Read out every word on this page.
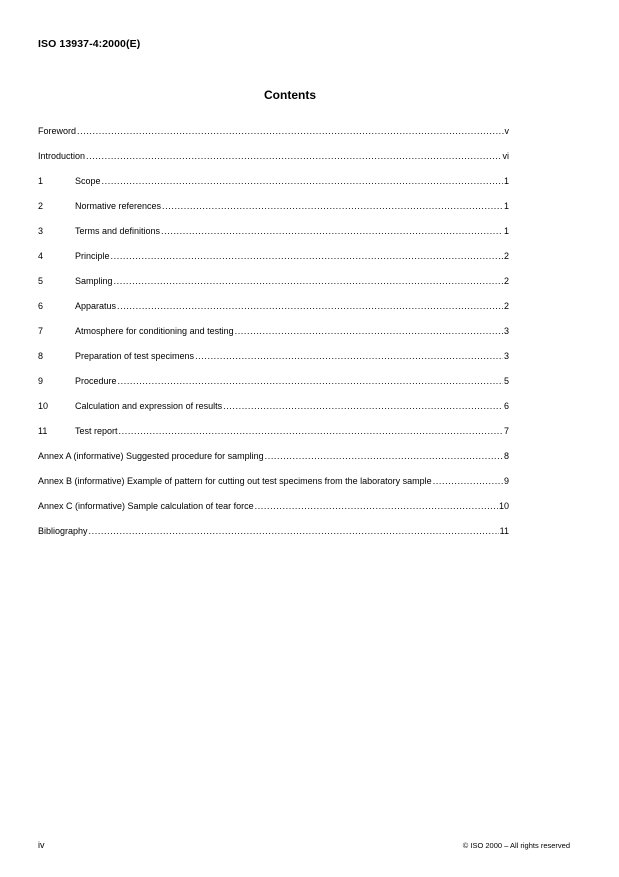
ISO 13937-4:2000(E)
Contents
Foreword .....	v
Introduction .....	vi
1	Scope .....	1
2	Normative references .....	1
3	Terms and definitions .....	1
4	Principle .....	2
5	Sampling .....	2
6	Apparatus .....	2
7	Atmosphere for conditioning and testing .....	3
8	Preparation of test specimens .....	3
9	Procedure .....	5
10	Calculation and expression of results .....	6
11	Test report .....	7
Annex A (informative) Suggested procedure for sampling .....	8
Annex B (informative) Example of pattern for cutting out test specimens from the laboratory sample .....	9
Annex C (informative) Sample calculation of tear force .....	10
Bibliography .....	11
iv	© ISO 2000 – All rights reserved
